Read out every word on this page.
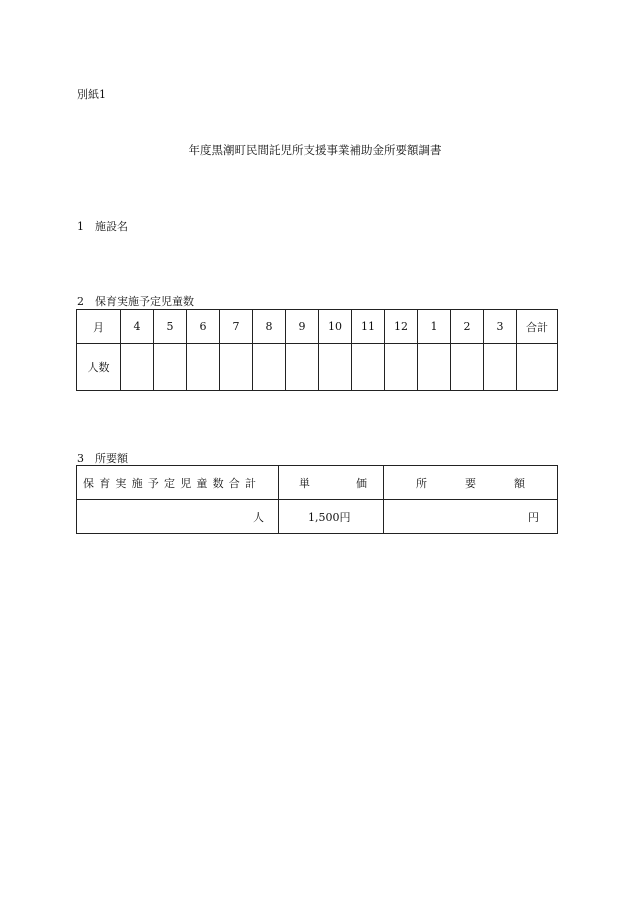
別紙1
年度黒潮町民間託児所支援事業補助金所要額調書
1 施設名
2 保育実施予定児童数
月	4	5	6	7	8	9	10	11	12	1	2	3	合計
人数													
3 所要額
保育実施予定児童数合計	単 価	所 要 額
人	1,500円	円
